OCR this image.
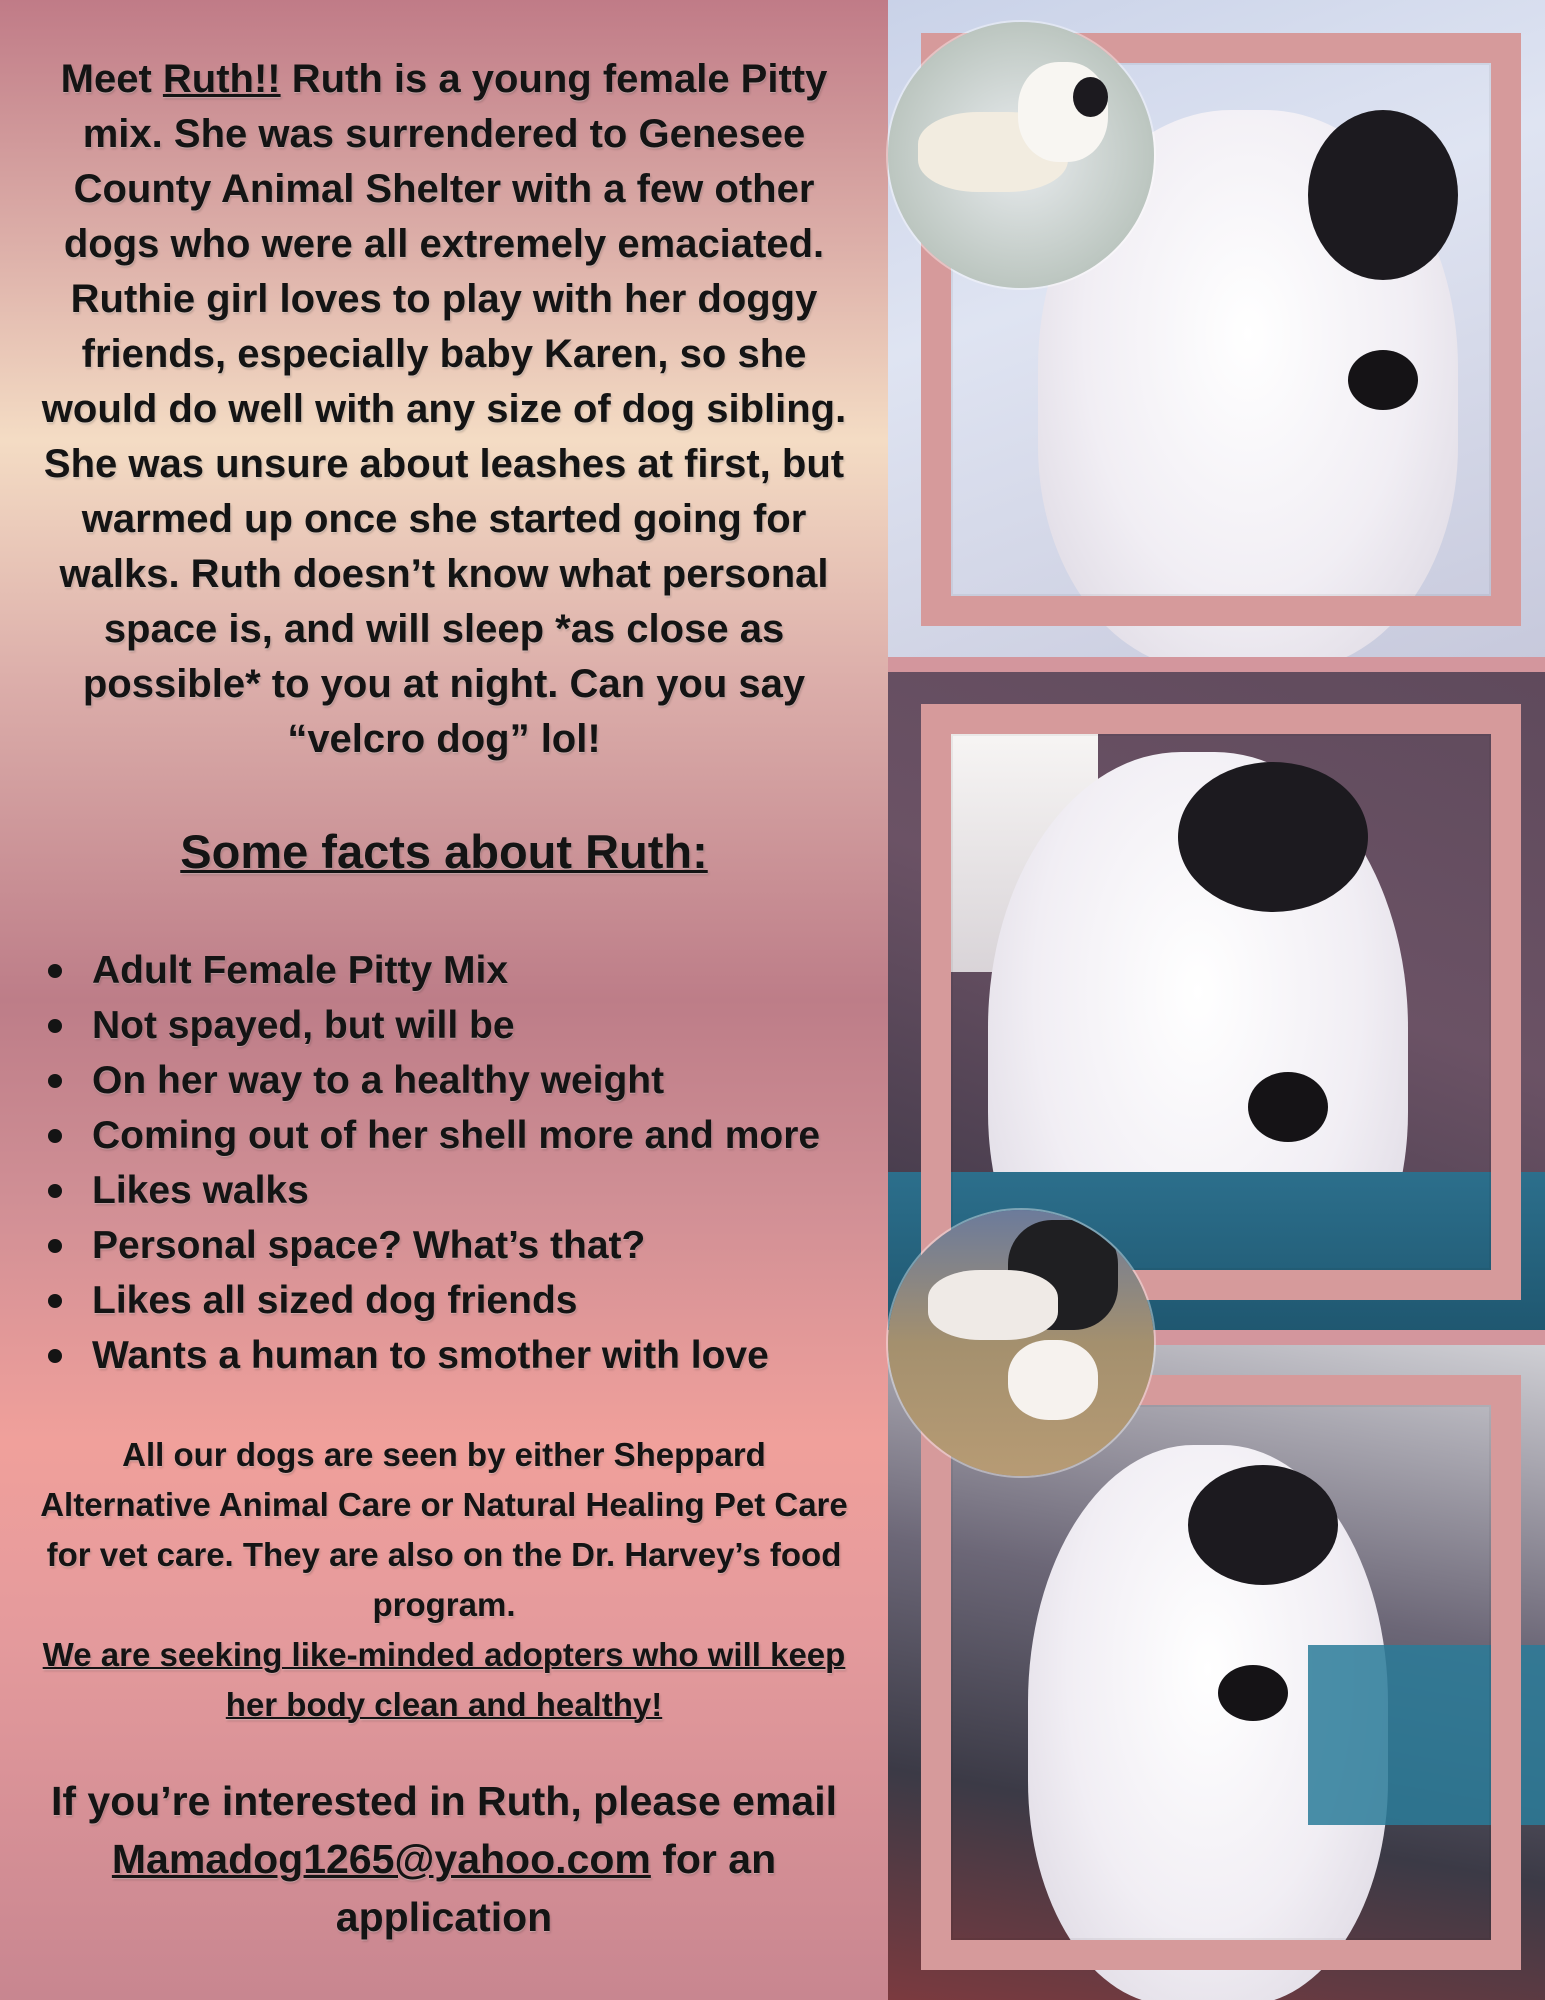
Meet Ruth!! Ruth is a young female Pitty mix. She was surrendered to Genesee County Animal Shelter with a few other dogs who were all extremely emaciated. Ruthie girl loves to play with her doggy friends, especially baby Karen, so she would do well with any size of dog sibling. She was unsure about leashes at first, but warmed up once she started going for walks. Ruth doesn’t know what personal space is, and will sleep *as close as possible* to you at night. Can you say “velcro dog” lol!
Some facts about Ruth:
Adult Female Pitty Mix
Not spayed, but will be
On her way to a healthy weight
Coming out of her shell more and more
Likes walks
Personal space? What’s that?
Likes all sized dog friends
Wants a human to smother with love
All our dogs are seen by either Sheppard Alternative Animal Care or Natural Healing Pet Care for vet care. They are also on the Dr. Harvey’s food program.
We are seeking like-minded adopters who will keep her body clean and healthy!
If you’re interested in Ruth, please email Mamadog1265@yahoo.com for an application
